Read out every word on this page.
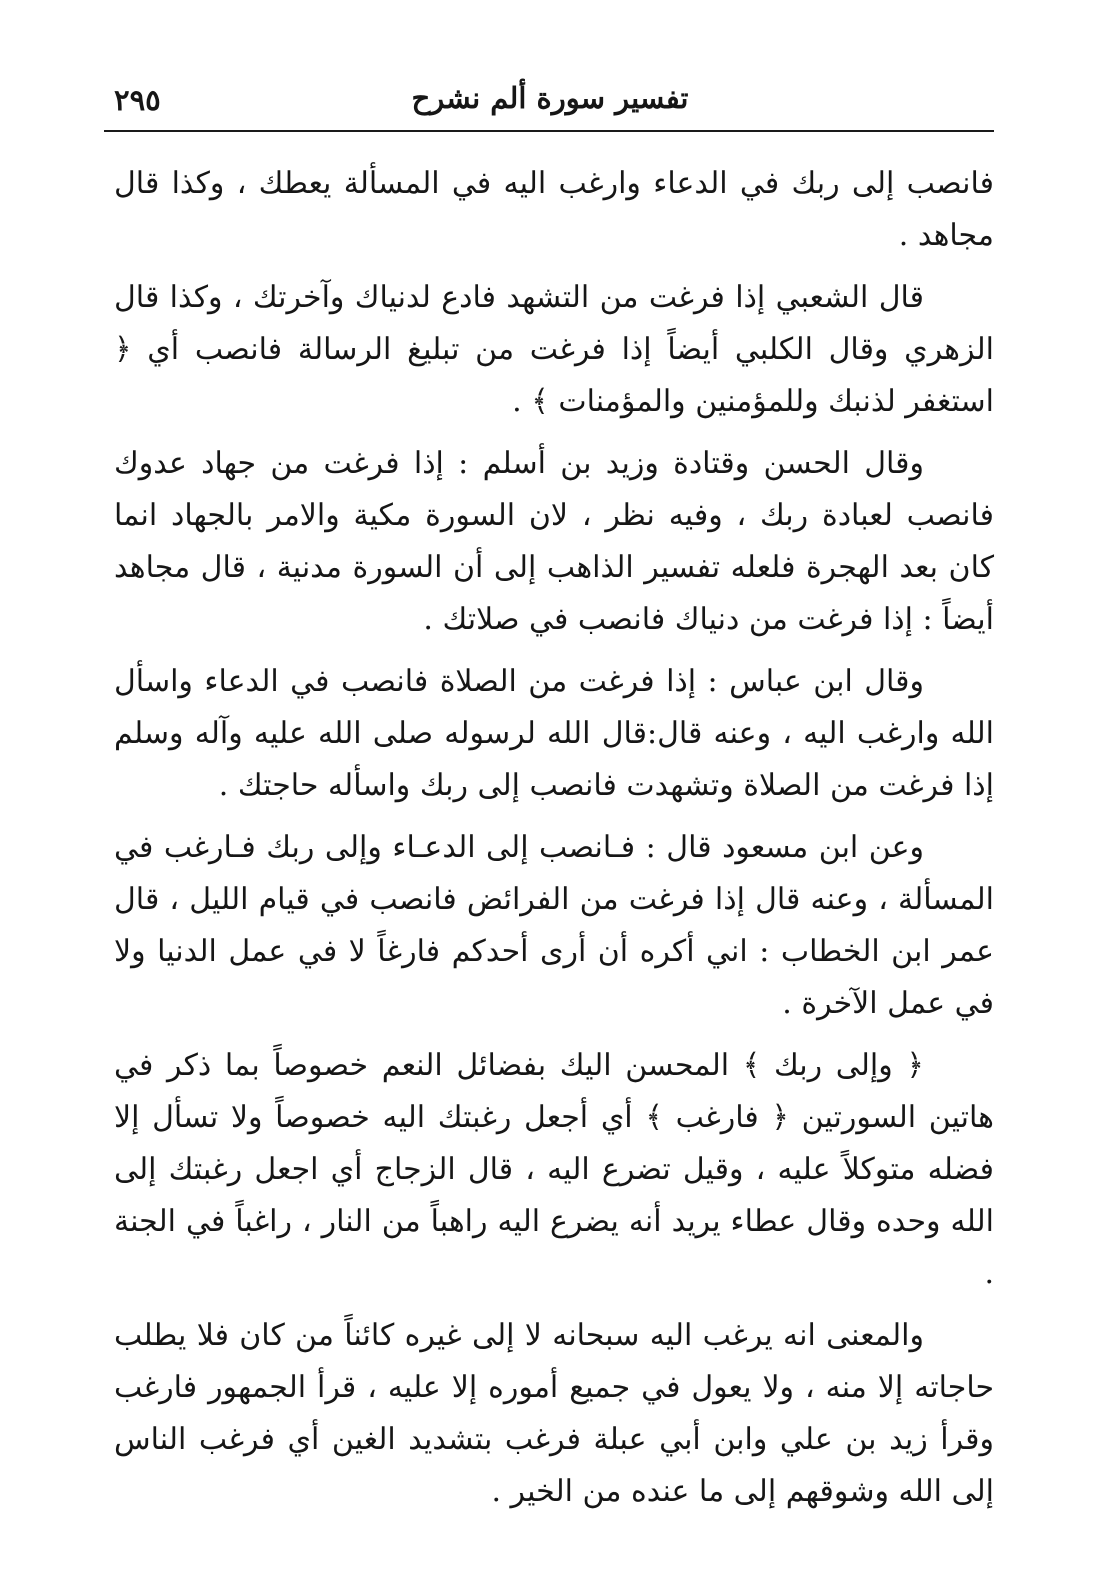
٢٩٥	تفسير سورة ألم نشرح

فانصب إلى ربك في الدعاء وارغب اليه في المسألة يعطك ، وكذا قال مجاهد .

قال الشعبي إذا فرغت من التشهد فادع لدنياك وآخرتك ، وكذا قال الزهري وقال الكلبي أيضاً إذا فرغت من تبليغ الرسالة فانصب أي ﴿ استغفر لذنبك وللمؤمنين والمؤمنات ﴾ .

وقال الحسن وقتادة وزيد بن أسلم : إذا فرغت من جهاد عدوك فانصب لعبادة ربك ، وفيه نظر ، لان السورة مكية والامر بالجهاد انما كان بعد الهجرة فلعله تفسير الذاهب إلى أن السورة مدنية ، قال مجاهد أيضاً : إذا فرغت من دنياك فانصب في صلاتك .

وقال ابن عباس : إذا فرغت من الصلاة فانصب في الدعاء واسأل الله وارغب اليه ، وعنه قال:قال الله لرسوله صلى الله عليه وآله وسلم إذا فرغت من الصلاة وتشهدت فانصب إلى ربك واسأله حاجتك .

وعن ابن مسعود قال : فـانصب إلى الدعـاء وإلى ربك فـارغب في المسألة ، وعنه قال إذا فرغت من الفرائض فانصب في قيام الليل ، قال عمر ابن الخطاب : اني أكره أن أرى أحدكم فارغاً لا في عمل الدنيا ولا في عمل الآخرة .

﴿ وإلى ربك ﴾ المحسن اليك بفضائل النعم خصوصاً بما ذكر في هاتين السورتين ﴿ فارغب ﴾ أي أجعل رغبتك اليه خصوصاً ولا تسأل إلا فضله متوكلاً عليه ، وقيل تضرع اليه ، قال الزجاج أي اجعل رغبتك إلى الله وحده وقال عطاء يريد أنه يضرع اليه راهباً من النار ، راغباً في الجنة .

والمعنى انه يرغب اليه سبحانه لا إلى غيره كائناً من كان فلا يطلب حاجاته إلا منه ، ولا يعول في جميع أموره إلا عليه ، قرأ الجمهور فارغب وقرأ زيد بن علي وابن أبي عبلة فرغب بتشديد الغين أي فرغب الناس إلى الله وشوقهم إلى ما عنده من الخير .
